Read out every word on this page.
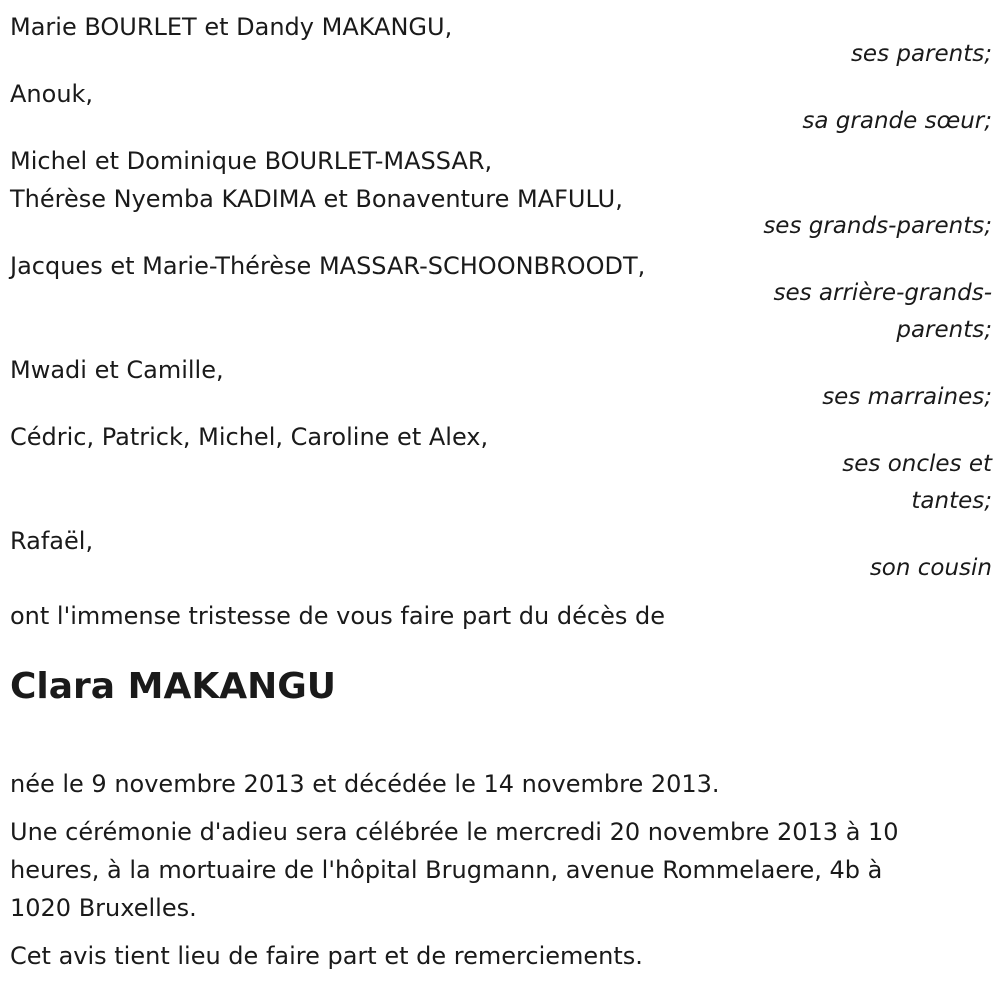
Marie BOURLET et Dandy MAKANGU,
ses parents;
Anouk,
sa grande sœur;
Michel et Dominique BOURLET-MASSAR,
Thérèse Nyemba KADIMA et Bonaventure MAFULU,
ses grands-parents;
Jacques et Marie-Thérèse MASSAR-SCHOONBROODT,
ses arrière-grands-
parents;
Mwadi et Camille,
ses marraines;
Cédric, Patrick, Michel, Caroline et Alex,
ses oncles et
tantes;
Rafaël,
son cousin
ont l'immense tristesse de vous faire part du décès de
Clara MAKANGU
née le 9 novembre 2013 et décédée le 14 novembre 2013.
Une cérémonie d'adieu sera célébrée le mercredi 20 novembre 2013 à 10
heures, à la mortuaire de l'hôpital Brugmann, avenue Rommelaere, 4b à
1020 Bruxelles.
Cet avis tient lieu de faire part et de remerciements.
